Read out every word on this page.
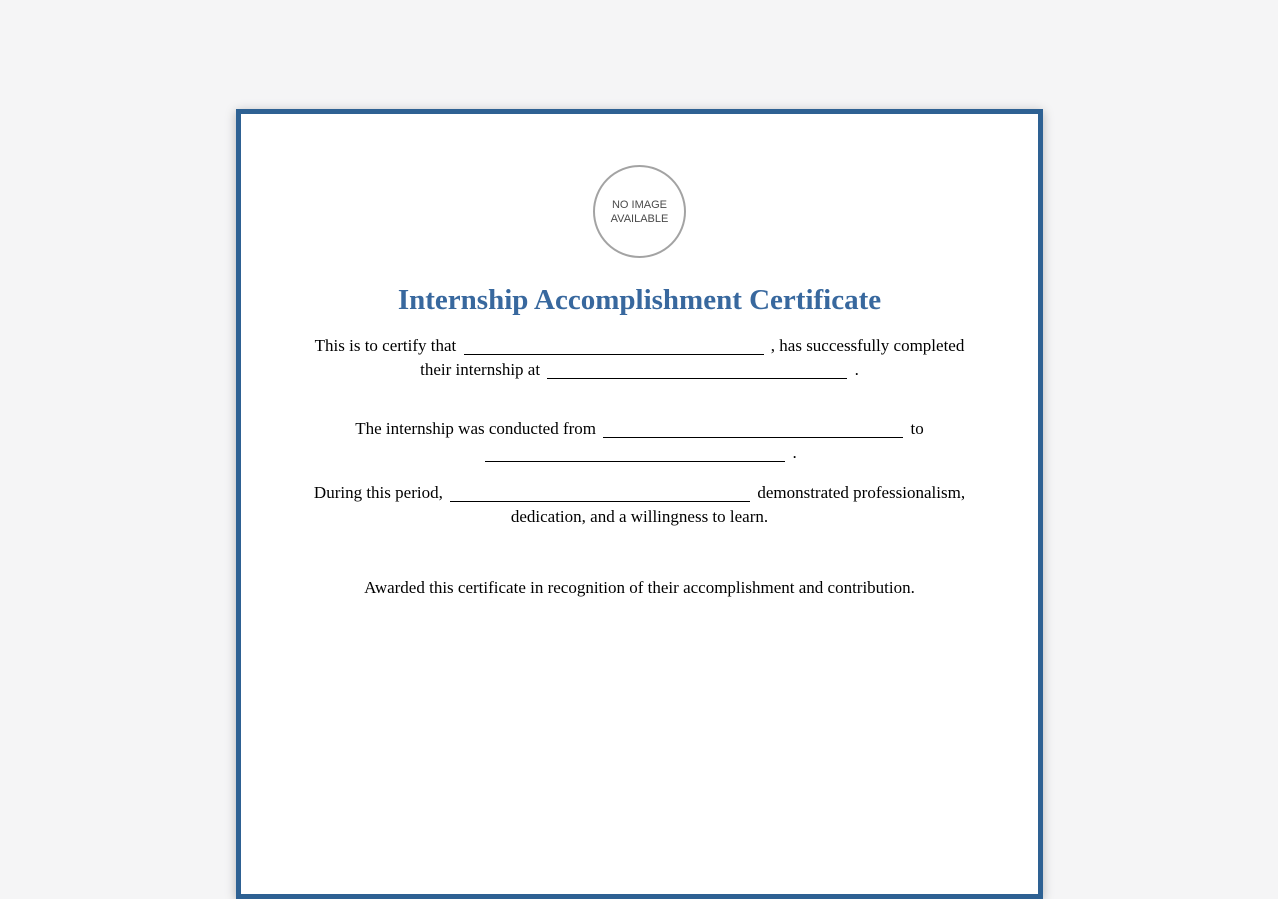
NO IMAGE
AVAILABLE
Internship Accomplishment Certificate
This is to certify that	, has successfully completed
their internship at	.
The internship was conducted from	to
.
During this period,	demonstrated professionalism,
dedication, and a willingness to learn.
Awarded this certificate in recognition of their accomplishment and contribution.
